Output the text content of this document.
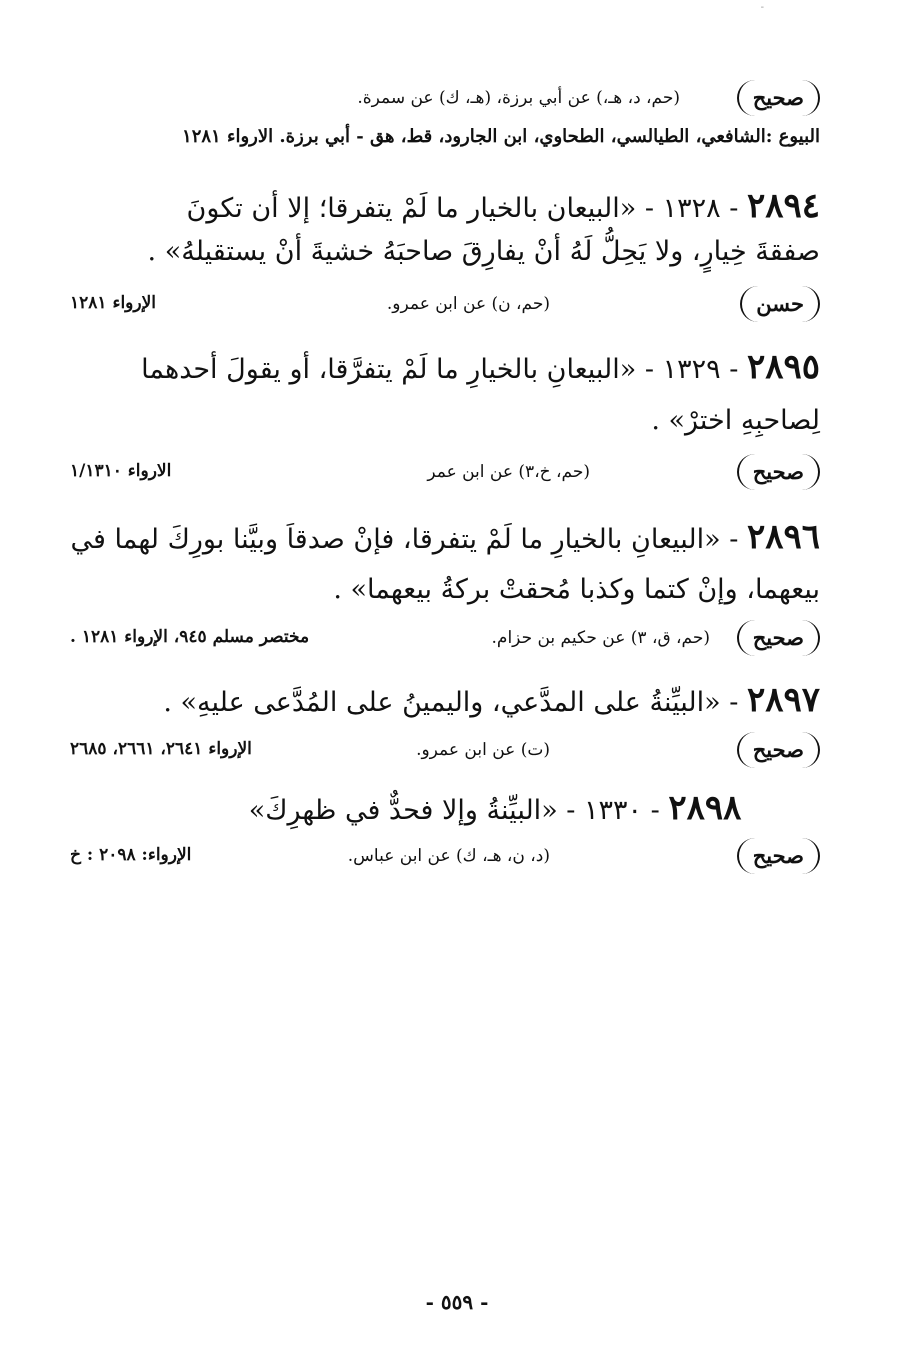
-
صحيح
(حم، د، هـ،) عن أبي برزة، (هـ، ك) عن سمرة.
البيوع :الشافعي، الطيالسي، الطحاوي، ابن الجارود، قط، هق - أبي برزة. الارواء ١٢٨١
٢٨٩٤ - ١٣٢٨ - «البيعان بالخيار ما لَمْ يتفرقا؛ إلا أن تكونَ
صفقةَ خِيارٍ، ولا يَحِلُّ لَهُ أنْ يفارِقَ صاحبَهُ خشيةَ أنْ يستقيلهُ» .
حسن
(حم، ن) عن ابن عمرو.
الإرواء ١٢٨١
٢٨٩٥ - ١٣٢٩ - «البيعانِ بالخيارِ ما لَمْ يتفرَّقا، أو يقولَ أحدهما
لِصاحبِهِ اخترْ» .
صحيح
(حم، خ،٣) عن ابن عمر
الارواء ١/١٣١٠
٢٨٩٦ - «البيعانِ بالخيارِ ما لَمْ يتفرقا، فإنْ صدقاَ وبيَّنا بورِكَ لهما في
بيعهما، وإنْ كتما وكذبا مُحقتْ بركةُ بيعهما» .
صحيح
(حم، ق، ٣) عن حكيم بن حزام.
مختصر مسلم ٩٤٥، الإرواء ١٢٨١ .
٢٨٩٧ - «البيِّنةُ على المدَّعي، واليمينُ على المُدَّعى عليهِ» .
صحيح
(ت) عن ابن عمرو.
الإرواء ٢٦٤١، ٢٦٦١، ٢٦٨٥
٢٨٩٨ - ١٣٣٠ - «البيِّنةُ وإلا فحدٌّ في ظهرِكَ»
صحيح
(د، ن، هـ، ك) عن ابن عباس.
الإرواء: ٢٠٩٨ : خ
- ٥٥٩ -
